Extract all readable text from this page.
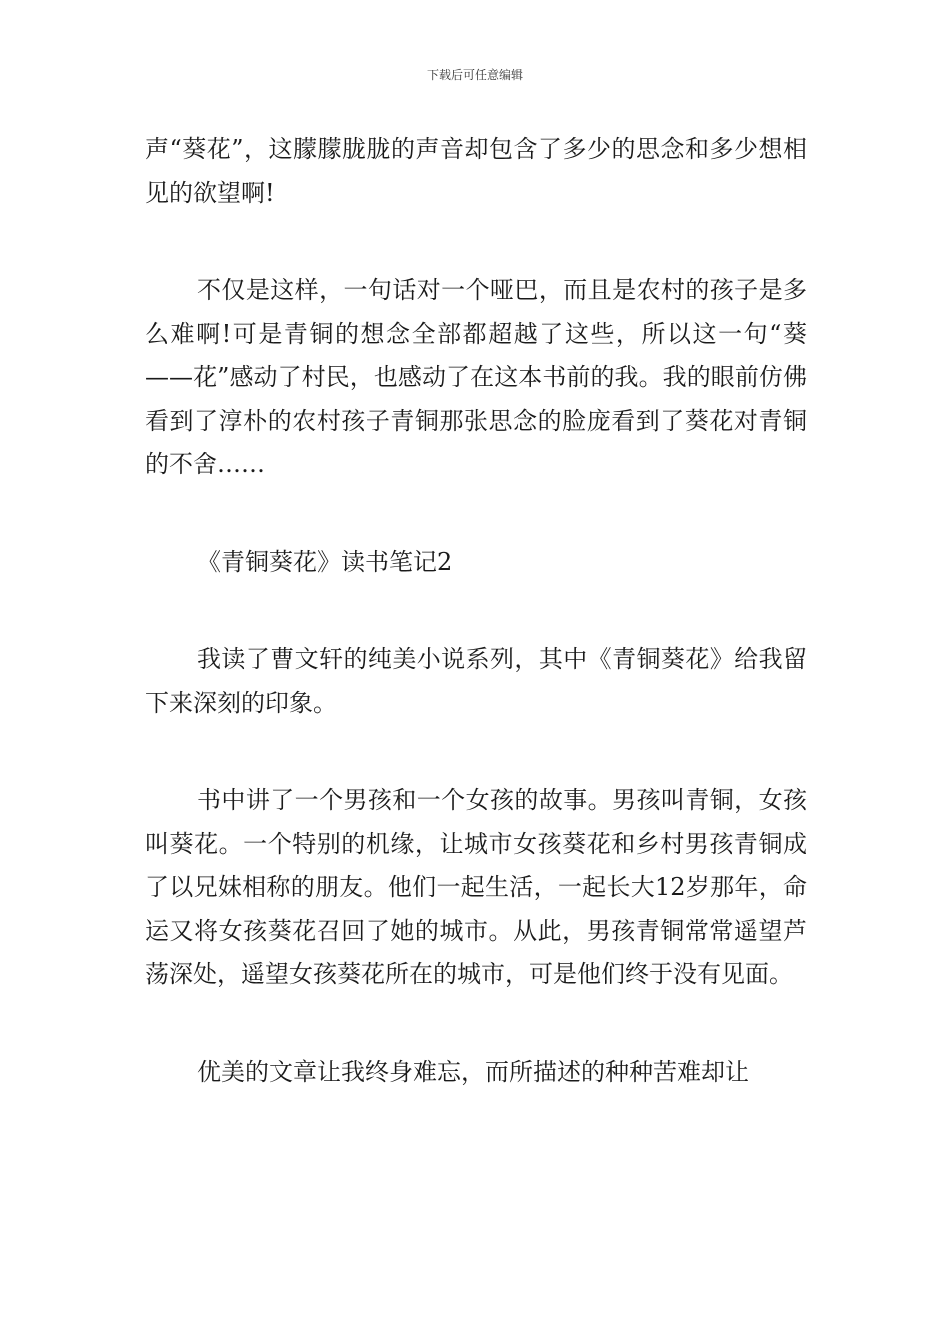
下载后可任意编辑

声“葵花”，这朦朦胧胧的声音却包含了多少的思念和多少想相见的欲望啊!

不仅是这样，一句话对一个哑巴，而且是农村的孩子是多么难啊!可是青铜的想念全部都超越了这些，所以这一句“葵——花”感动了村民，也感动了在这本书前的我。我的眼前仿佛看到了淳朴的农村孩子青铜那张思念的脸庞看到了葵花对青铜的不舍……

《青铜葵花》读书笔记2

我读了曹文轩的纯美小说系列，其中《青铜葵花》给我留下来深刻的印象。

书中讲了一个男孩和一个女孩的故事。男孩叫青铜，女孩叫葵花。一个特别的机缘，让城市女孩葵花和乡村男孩青铜成了以兄妹相称的朋友。他们一起生活，一起长大12岁那年，命运又将女孩葵花召回了她的城市。从此，男孩青铜常常遥望芦荡深处，遥望女孩葵花所在的城市，可是他们终于没有见面。

优美的文章让我终身难忘，而所描述的种种苦难却让
